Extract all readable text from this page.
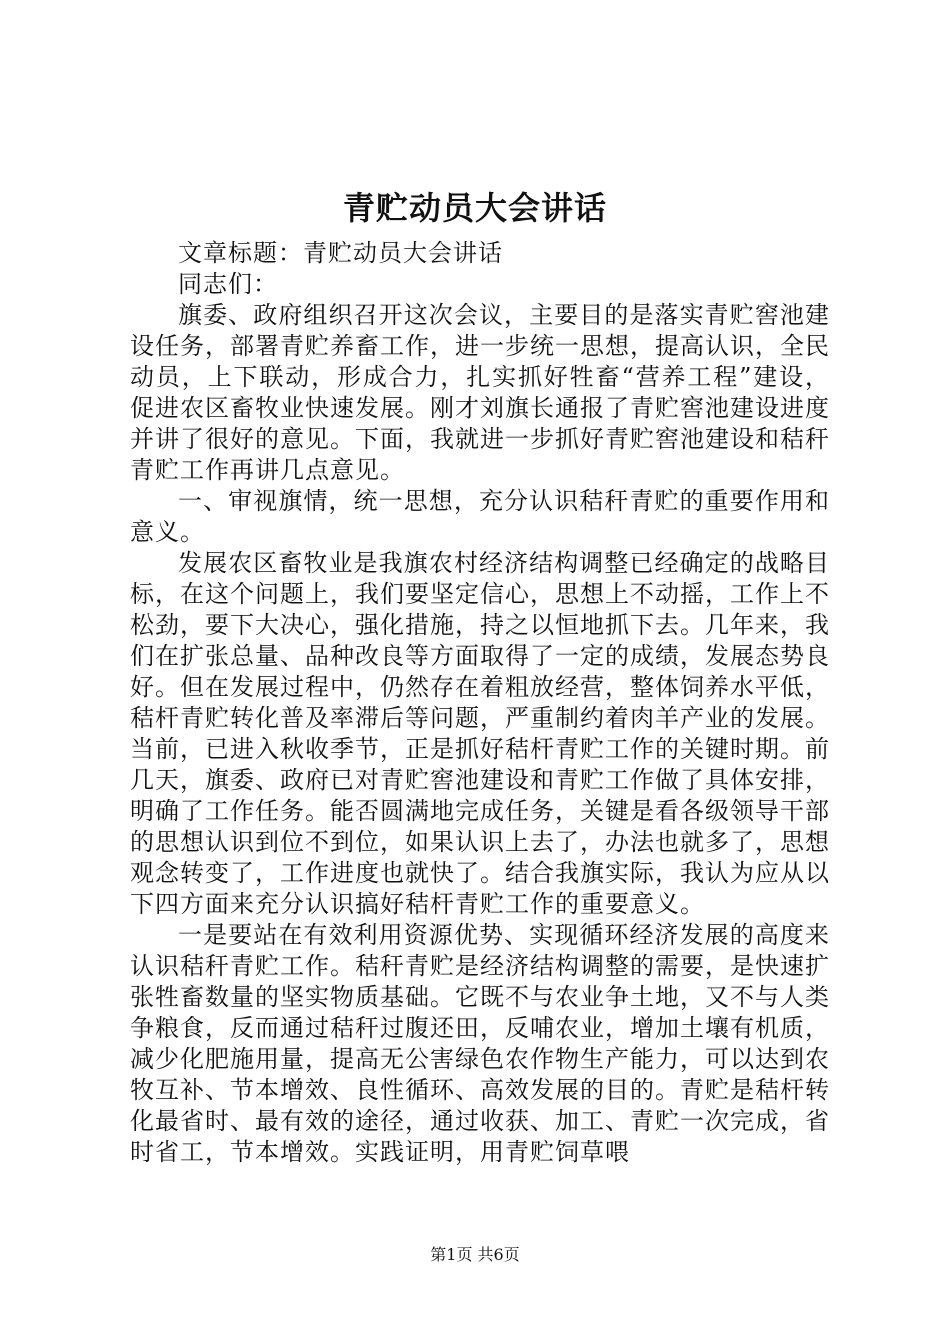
青贮动员大会讲话

文章标题：青贮动员大会讲话

同志们：

旗委、政府组织召开这次会议，主要目的是落实青贮窖池建设任务，部署青贮养畜工作，进一步统一思想，提高认识，全民动员，上下联动，形成合力，扎实抓好牲畜“营养工程”建设，促进农区畜牧业快速发展。刚才刘旗长通报了青贮窖池建设进度并讲了很好的意见。下面，我就进一步抓好青贮窖池建设和秸秆青贮工作再讲几点意见。

一、审视旗情，统一思想，充分认识秸秆青贮的重要作用和意义。

发展农区畜牧业是我旗农村经济结构调整已经确定的战略目标，在这个问题上，我们要坚定信心，思想上不动摇，工作上不松劲，要下大决心，强化措施，持之以恒地抓下去。几年来，我们在扩张总量、品种改良等方面取得了一定的成绩，发展态势良好。但在发展过程中，仍然存在着粗放经营，整体饲养水平低，秸杆青贮转化普及率滞后等问题，严重制约着肉羊产业的发展。当前，已进入秋收季节，正是抓好秸杆青贮工作的关键时期。前几天，旗委、政府已对青贮窖池建设和青贮工作做了具体安排，明确了工作任务。能否圆满地完成任务，关键是看各级领导干部的思想认识到位不到位，如果认识上去了，办法也就多了，思想观念转变了，工作进度也就快了。结合我旗实际，我认为应从以下四方面来充分认识搞好秸杆青贮工作的重要意义。

一是要站在有效利用资源优势、实现循环经济发展的高度来认识秸秆青贮工作。秸秆青贮是经济结构调整的需要，是快速扩张牲畜数量的坚实物质基础。它既不与农业争土地，又不与人类争粮食，反而通过秸秆过腹还田，反哺农业，增加土壤有机质，减少化肥施用量，提高无公害绿色农作物生产能力，可以达到农牧互补、节本增效、良性循环、高效发展的目的。青贮是秸杆转化最省时、最有效的途径，通过收获、加工、青贮一次完成，省时省工，节本增效。实践证明，用青贮饲草喂

第1页 共6页
